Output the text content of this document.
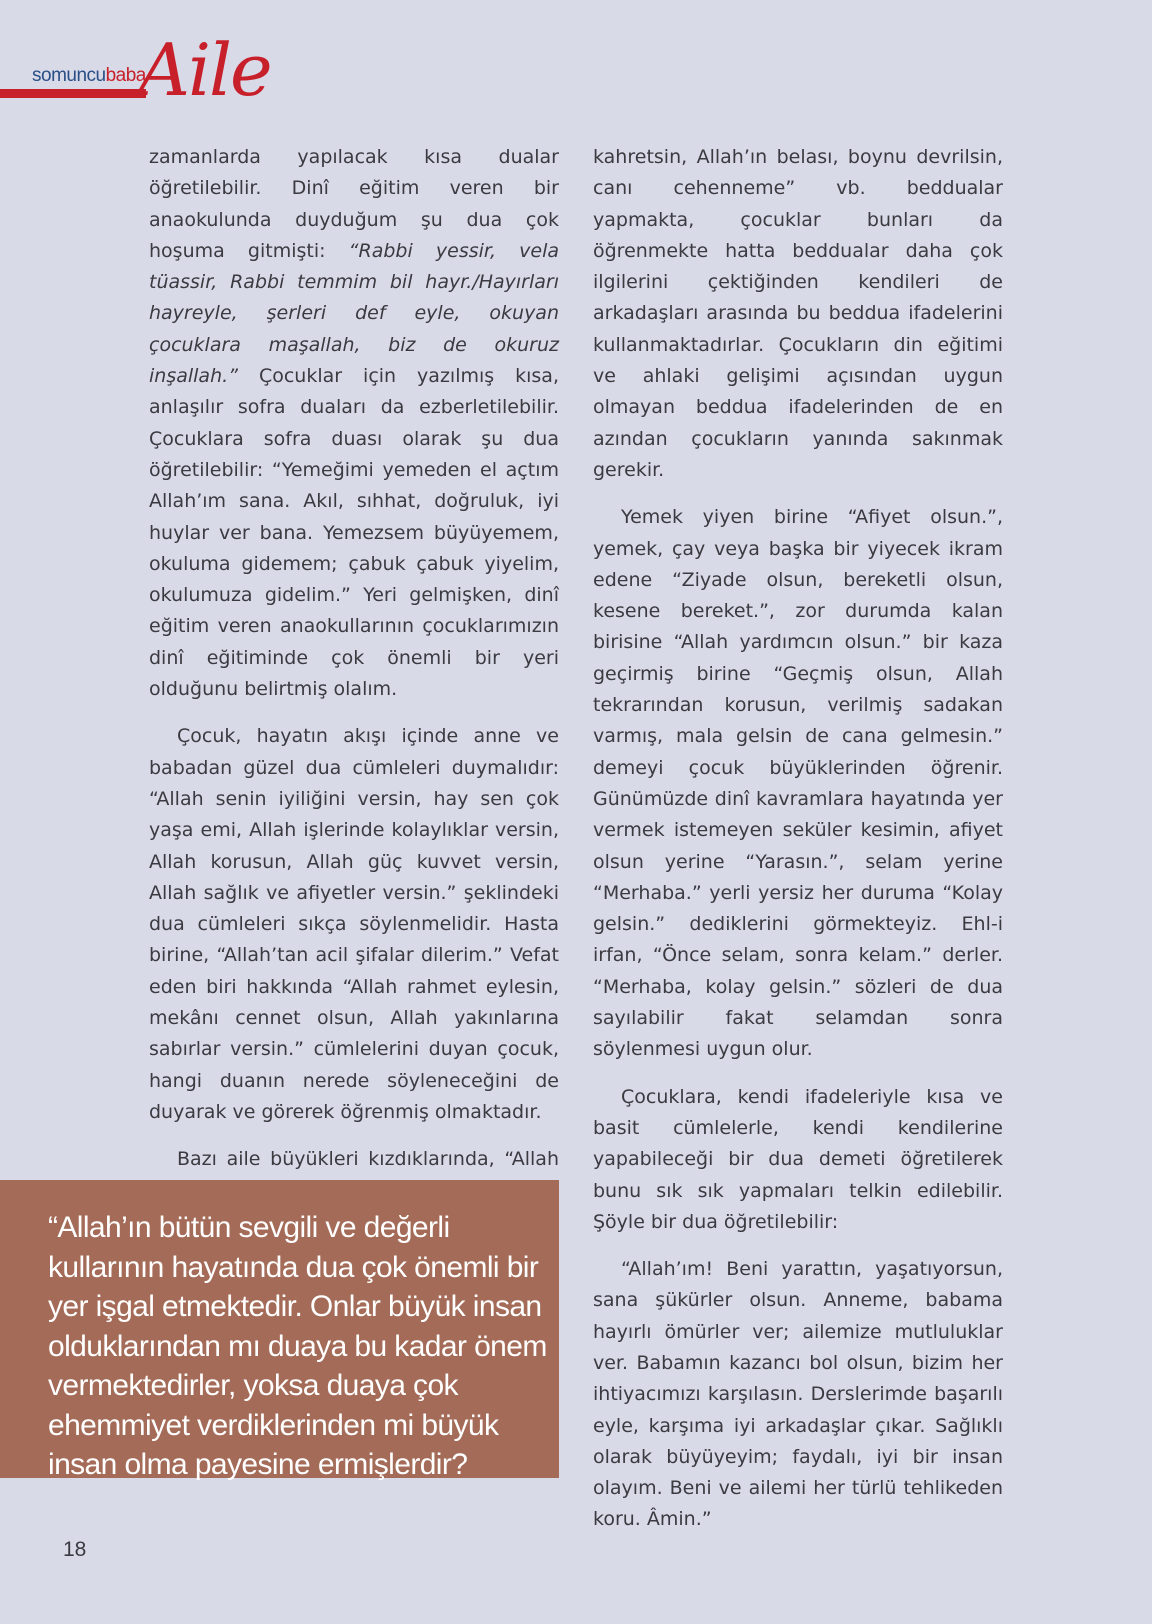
somuncubaba
Aile

zamanlarda yapılacak kısa dualar öğretilebilir. Dinî eğitim veren bir anaokulunda duyduğum şu dua çok hoşuma gitmişti: “Rabbi yessir, vela tüassir, Rabbi temmim bil hayr./Hayırları hayreyle, şerleri def eyle, okuyan çocuklara maşallah, biz de okuruz inşallah.” Çocuklar için yazılmış kısa, anlaşılır sofra duaları da ezberletilebilir. Çocuklara sofra duası olarak şu dua öğretilebilir: “Yemeğimi yemeden el açtım Allah’ım sana. Akıl, sıhhat, doğruluk, iyi huylar ver bana. Yemezsem büyüyemem, okuluma gidemem; çabuk çabuk yiyelim, okulumuza gidelim.” Yeri gelmişken, dinî eğitim veren anaokullarının çocuklarımızın dinî eğitiminde çok önemli bir yeri olduğunu belirtmiş olalım.

Çocuk, hayatın akışı içinde anne ve babadan güzel dua cümleleri duymalıdır: “Allah senin iyiliğini versin, hay sen çok yaşa emi, Allah işlerinde kolaylıklar versin, Allah korusun, Allah güç kuvvet versin, Allah sağlık ve afiyetler versin.” şeklindeki dua cümleleri sıkça söylenmelidir. Hasta birine, “Allah’tan acil şifalar dilerim.” Vefat eden biri hakkında “Allah rahmet eylesin, mekânı cennet olsun, Allah yakınlarına sabırlar versin.” cümlelerini duyan çocuk, hangi duanın nerede söyleneceğini de duyarak ve görerek öğrenmiş olmaktadır.

Bazı aile büyükleri kızdıklarında, “Allah

kahretsin, Allah’ın belası, boynu devrilsin, canı cehenneme” vb. beddualar yapmakta, çocuklar bunları da öğrenmekte hatta beddualar daha çok ilgilerini çektiğinden kendileri de arkadaşları arasında bu beddua ifadelerini kullanmaktadırlar. Çocukların din eğitimi ve ahlaki gelişimi açısından uygun olmayan beddua ifadelerinden de en azından çocukların yanında sakınmak gerekir.

Yemek yiyen birine “Afiyet olsun.”, yemek, çay veya başka bir yiyecek ikram edene “Ziyade olsun, bereketli olsun, kesene bereket.”, zor durumda kalan birisine “Allah yardımcın olsun.” bir kaza geçirmiş birine “Geçmiş olsun, Allah tekrarından korusun, verilmiş sadakan varmış, mala gelsin de cana gelmesin.” demeyi çocuk büyüklerinden öğrenir. Günümüzde dinî kavramlara hayatında yer vermek istemeyen seküler kesimin, afiyet olsun yerine “Yarasın.”, selam yerine “Merhaba.” yerli yersiz her duruma “Kolay gelsin.” dediklerini görmekteyiz. Ehl-i irfan, “Önce selam, sonra kelam.” derler. “Merhaba, kolay gelsin.” sözleri de dua sayılabilir fakat selamdan sonra söylenmesi uygun olur.

Çocuklara, kendi ifadeleriyle kısa ve basit cümlelerle, kendi kendilerine yapabileceği bir dua demeti öğretilerek bunu sık sık yapmaları telkin edilebilir. Şöyle bir dua öğretilebilir:

“Allah’ım! Beni yarattın, yaşatıyorsun, sana şükürler olsun. Anneme, babama hayırlı ömürler ver; ailemize mutluluklar ver. Babamın kazancı bol olsun, bizim her ihtiyacımızı karşılasın. Derslerimde başarılı eyle, karşıma iyi arkadaşlar çıkar. Sağlıklı olarak büyüyeyim; faydalı, iyi bir insan olayım. Beni ve ailemi her türlü tehlikeden koru. Âmin.”

“Allah’ın bütün sevgili ve değerli kullarının hayatında dua çok önemli bir yer işgal etmektedir. Onlar büyük insan olduklarından mı duaya bu kadar önem vermektedirler, yoksa duaya çok ehemmiyet verdiklerinden mi büyük insan olma payesine ermişlerdir?
18
